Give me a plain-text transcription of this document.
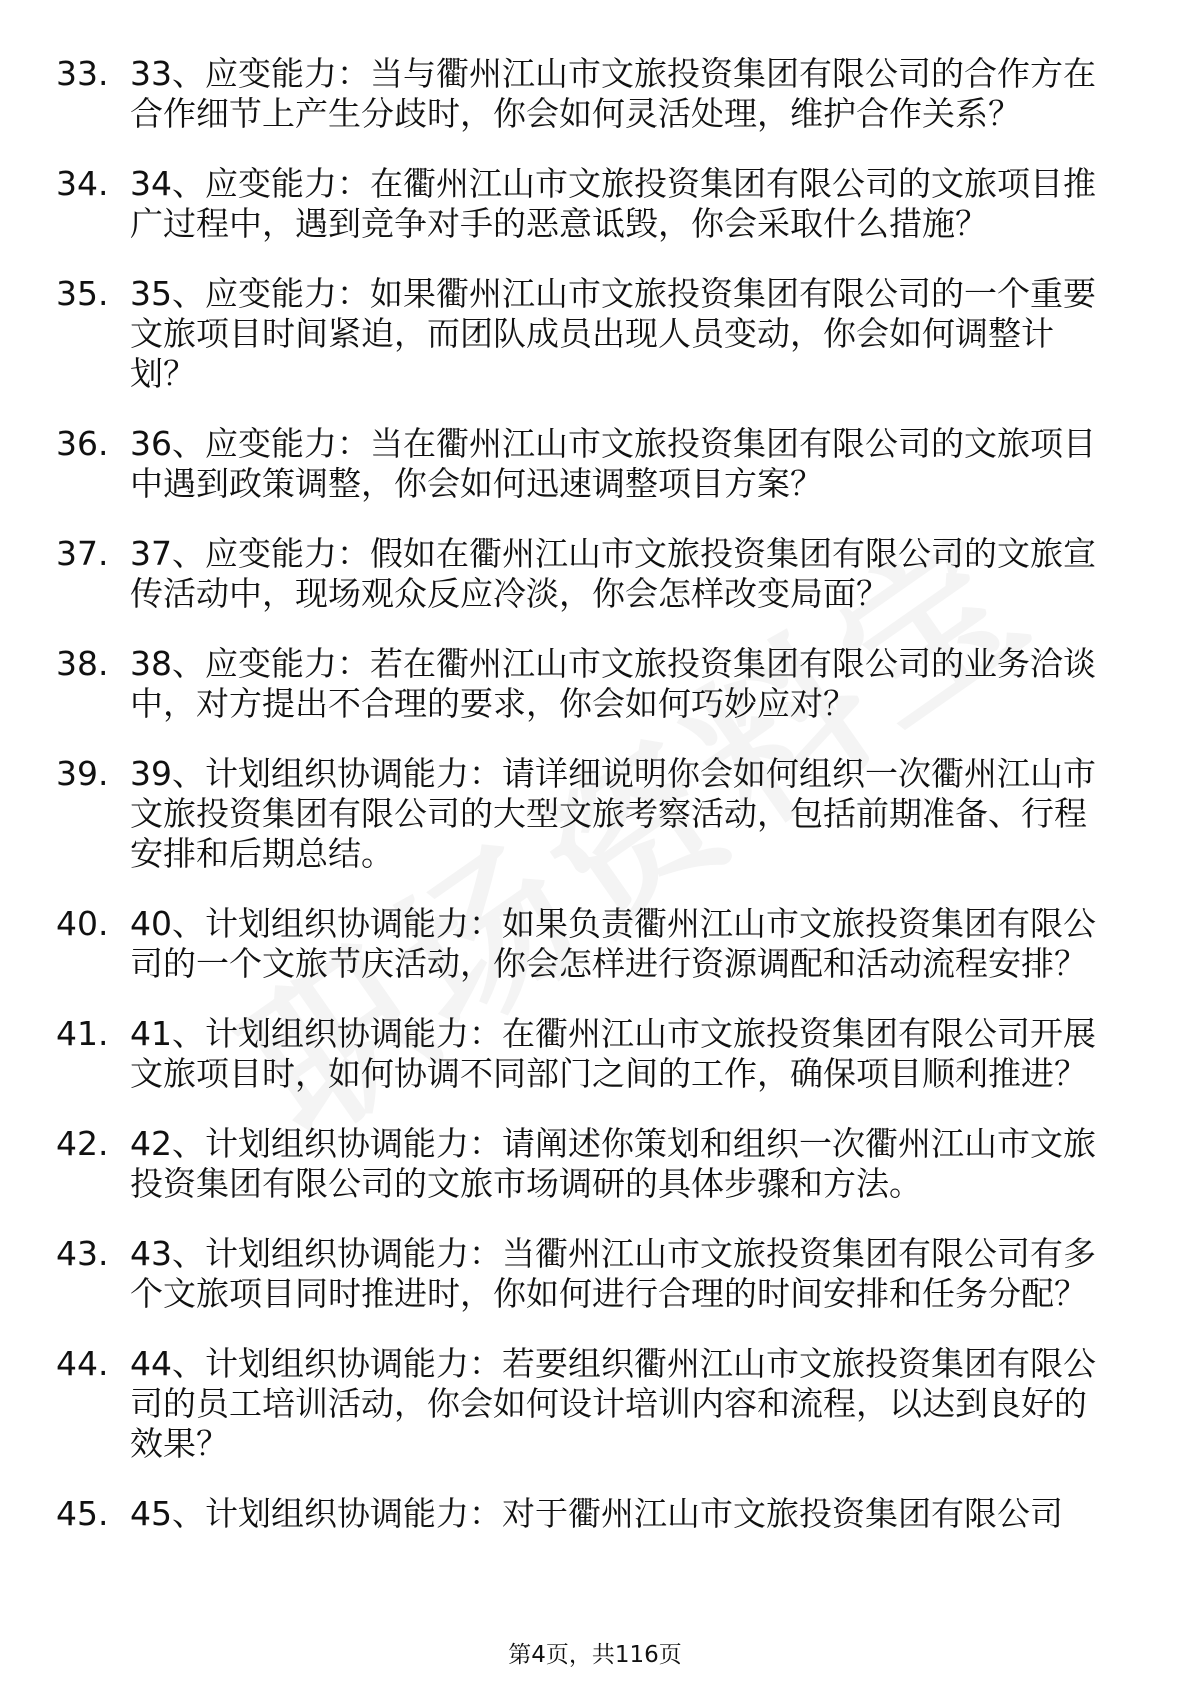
33. 33、应变能力：当与衢州江山市文旅投资集团有限公司的合作方在合作细节上产生分歧时，你会如何灵活处理，维护合作关系？
34. 34、应变能力：在衢州江山市文旅投资集团有限公司的文旅项目推广过程中，遇到竞争对手的恶意诋毁，你会采取什么措施？
35. 35、应变能力：如果衢州江山市文旅投资集团有限公司的一个重要文旅项目时间紧迫，而团队成员出现人员变动，你会如何调整计划？
36. 36、应变能力：当在衢州江山市文旅投资集团有限公司的文旅项目中遇到政策调整，你会如何迅速调整项目方案？
37. 37、应变能力：假如在衢州江山市文旅投资集团有限公司的文旅宣传活动中，现场观众反应冷淡，你会怎样改变局面？
38. 38、应变能力：若在衢州江山市文旅投资集团有限公司的业务洽谈中，对方提出不合理的要求，你会如何巧妙应对？
39. 39、计划组织协调能力：请详细说明你会如何组织一次衢州江山市文旅投资集团有限公司的大型文旅考察活动，包括前期准备、行程安排和后期总结。
40. 40、计划组织协调能力：如果负责衢州江山市文旅投资集团有限公司的一个文旅节庆活动，你会怎样进行资源调配和活动流程安排？
41. 41、计划组织协调能力：在衢州江山市文旅投资集团有限公司开展文旅项目时，如何协调不同部门之间的工作，确保项目顺利推进？
42. 42、计划组织协调能力：请阐述你策划和组织一次衢州江山市文旅投资集团有限公司的文旅市场调研的具体步骤和方法。
43. 43、计划组织协调能力：当衢州江山市文旅投资集团有限公司有多个文旅项目同时推进时，你如何进行合理的时间安排和任务分配？
44. 44、计划组织协调能力：若要组织衢州江山市文旅投资集团有限公司的员工培训活动，你会如何设计培训内容和流程，以达到良好的效果？
45. 45、计划组织协调能力：对于衢州江山市文旅投资集团有限公司
第4页，共116页
